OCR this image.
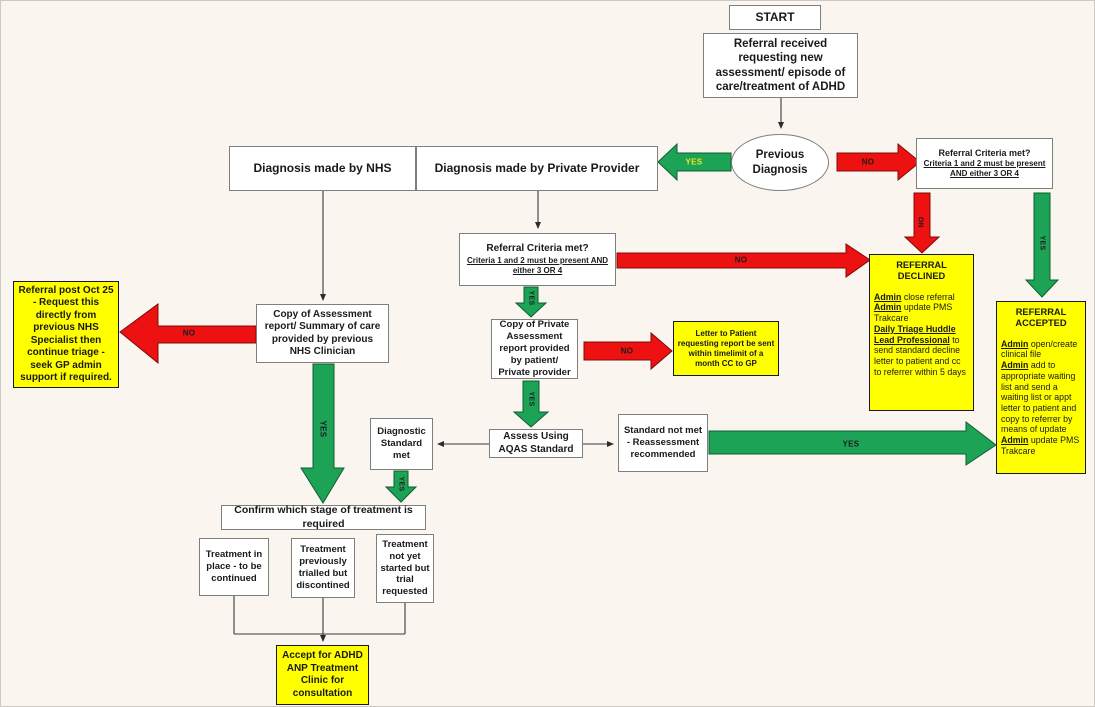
START
Referral received requesting new assessment/ episode of care/treatment of ADHD
Previous Diagnosis
Diagnosis made by NHS	Diagnosis made by Private Provider
Referral Criteria met?
Criteria 1 and 2 must be present AND either 3 OR 4
Referral Criteria met?
Criteria 1 and 2 must be present AND either 3 OR 4
Copy of Assessment report/ Summary of care provided by previous NHS Clinician
Referral post Oct 25 - Request this directly from previous NHS Specialist then continue triage - seek GP admin support if required.
Copy of Private Assessment report provided by patient/ Private provider
Letter to Patient requesting report be sent within timelimit of a month CC to GP
REFERRAL DECLINED
Admin close referral
Admin update PMS Trakcare
Daily Triage Huddle Lead Professional to send standard decline letter to patient and cc to referrer within 5 days
REFERRAL ACCEPTED
Admin open/create clinical file
Admin add to appropriate waiting list and send a waiting list or appt letter to patient and copy to referrer by means of update
Admin update PMS Trakcare
Diagnostic Standard met
Assess Using AQAS Standard
Standard not met - Reassessment recommended
Confirm which stage of treatment is required
Treatment in place - to be continued
Treatment previously trialled but discontined
Treatment not yet started but trial requested
Accept for ADHD ANP Treatment Clinic for consultation
YES	NO
NO
NO
NO
YES
YES
YES
YES
YES
NO
YES
